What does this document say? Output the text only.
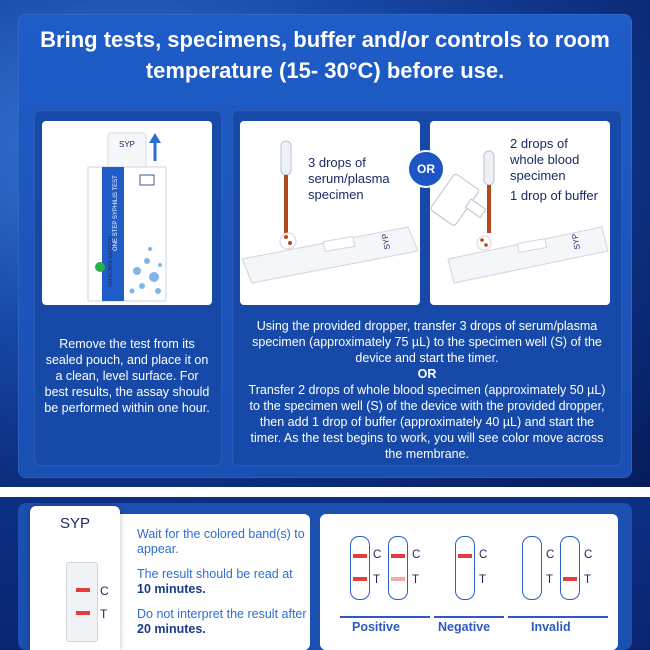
Bring tests, specimens, buffer and/or controls to room temperature (15- 30°C) before use.
SYP
ONE STEP SYPHILIS TEST
SAFECARE BIOTECH
Remove the test from its sealed pouch, and place it on a clean, level surface. For best results, the assay should be performed within one hour.
SYP
3 drops of serum/plasma specimen
SYP
2 drops of whole blood specimen
1 drop of buffer
OR
Using the provided dropper, transfer 3 drops of serum/plasma specimen (approximately 75 µL) to the specimen well (S) of the device and start the timer.
OR
Transfer 2 drops of whole blood specimen (approximately 50 µL) to the specimen well (S) of the device with the provided dropper, then add 1 drop of buffer (approximately 40 µL) and start the timer. As the test begins to work, you will see color move across the membrane.
SYP
C
T
Wait for the colored band(s) to appear.
The result should be read at 10 minutes.
Do not interpret the result after 20 minutes.
C
T
C
T
C
T
C
T
C
T
Positive	Negative	Invalid
